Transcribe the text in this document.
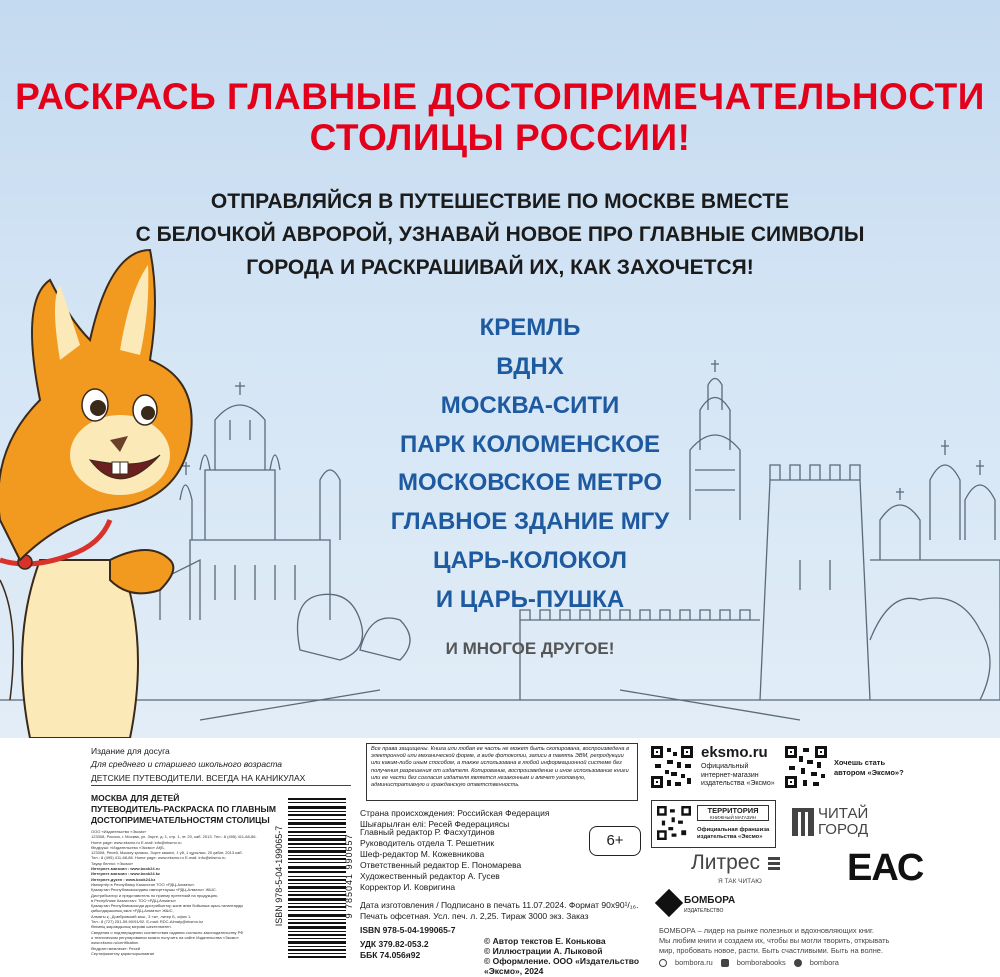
РАСКРАСЬ ГЛАВНЫЕ ДОСТОПРИМЕЧАТЕЛЬНОСТИ
СТОЛИЦЫ РОССИИ!
ОТПРАВЛЯЙСЯ В ПУТЕШЕСТВИЕ ПО МОСКВЕ ВМЕСТЕ
С БЕЛОЧКОЙ АВРОРОЙ, УЗНАВАЙ НОВОЕ ПРО ГЛАВНЫЕ СИМВОЛЫ
ГОРОДА И РАСКРАШИВАЙ ИХ, КАК ЗАХОЧЕТСЯ!
КРЕМЛЬ
ВДНХ
МОСКВА-СИТИ
ПАРК КОЛОМЕНСКОЕ
МОСКОВСКОЕ МЕТРО
ГЛАВНОЕ ЗДАНИЕ МГУ
ЦАРЬ-КОЛОКОЛ
И ЦАРЬ-ПУШКА
И МНОГОЕ ДРУГОЕ!
Издание для досуга
Для среднего и старшего школьного возраста
ДЕТСКИЕ ПУТЕВОДИТЕЛИ. ВСЕГДА НА КАНИКУЛАХ
МОСКВА ДЛЯ ДЕТЕЙ
ПУТЕВОДИТЕЛЬ-РАСКРАСКА ПО ГЛАВНЫМ
ДОСТОПРИМЕЧАТЕЛЬНОСТЯМ СТОЛИЦЫ
ООО «Издательство «Эксмо»
123308, Россия, г. Москва, ул. Зорге, д. 1, стр. 1, эт. 20, каб. 2013. Тел.: 8 (495) 411-68-86.
Home page: www.eksmo.ru E-mail: info@eksmo.ru
Өндіруші: «Издательство «Эксмо» АҚБ,
123308, Ресей, Мәскеу қаласы, Зорге көшесі, 1 үй, 1 құрылыс, 20 қабат, 2013 каб.
Тел.: 8 (495) 411-68-86. Home page: www.eksmo.ru E-mail: info@eksmo.ru
Тауар белгісі: «Эксмо»
Интернет-магазин : www.book24.ru
Интернет-магазин : www.book24.kz
Интернет-дүкен : www.book24.kz
Импортёр в Республику Казахстан ТОО «РДЦ-Алматы».
Қазақстан Республикасындағы импорттаушы «РДЦ-Алматы» ЖШС.
Дистрибьютор и представитель по приему претензий на продукцию,
в Республике Казахстан: ТОО «РДЦ-Алматы»
Қазақстан Республикасында дистрибьютор және өнім бойынша арыз-талаптарды
қабылдаушының өкілі «РДЦ-Алматы» ЖШС,
Алматы қ., Домбровский көш., 3 «а», литер Б, офис 1.
Тел.: 8 (727) 251-59-90/91/92. E-mail: RDC-Almaty@eksmo.kz
Өнімнің жарамдылық мерзімі шектелмеген.
Сведения о подтверждении соответствия издания согласно законодательству РФ
о техническом регулировании можно получить на сайте Издательства «Эксмо»
www.eksmo.ru/certification
Өндірген мемлекет: Ресей
Сертификаттау қарастырылмаған
ISBN 978-5-04-199065-7	9 785041 990657
Все права защищены. Книга или любая ее часть не может быть скопирована, воспроизведена в электронной или механической форме, в виде фотокопии, записи в память ЭВМ, репродукции или каким-либо иным способом, а также использована в любой информационной системе без получения разрешения от издателя. Копирование, воспроизведение и иное использование книги или ее части без согласия издателя является незаконным и влечет уголовную, административную и гражданскую ответственность.
Страна происхождения: Российская Федерация
Шығарылған елі: Ресей Федерациясы
Главный редактор Р. Фасхутдинов
Руководитель отдела Т. Решетник
Шеф-редактор М. Кожевникова
Ответственный редактор Е. Пономарева
Художественный редактор А. Гусев
Корректор И. Ковригина
6+
Дата изготовления / Подписано в печать 11.07.2024. Формат 90x90¹/₁₆.
Печать офсетная. Усл. печ. л. 2,25. Тираж 3000 экз. Заказ
ISBN 978-5-04-199065-7
УДК 379.82-053.2
ББК 74.056я92
© Автор текстов Е. Конькова
© Иллюстрации А. Лыковой
© Оформление. ООО «Издательство
«Эксмо», 2024
eksmo.ru
Официальный
интернет-магазин
издательства «Эксмо»
Хочешь стать
автором «Эксмо»?
ТЕРРИТОРИЯ
КНИЖНЫЙ МАГАЗИН
Официальная франшиза
издательства «Эксмо»
ЧИТАЙ
ГОРОД
Литрес
Я ТАК ЧИТАЮ ЕАС
БОМБОРА
ИЗДАТЕЛЬСТВО
БОМБОРА – лидер на рынке полезных и вдохновляющих книг.
Мы любим книги и создаем их, чтобы вы могли творить, открывать
мир, пробовать новое, расти. Быть счастливыми. Быть на волне.
bombora.ru	bomborabooks	bombora
